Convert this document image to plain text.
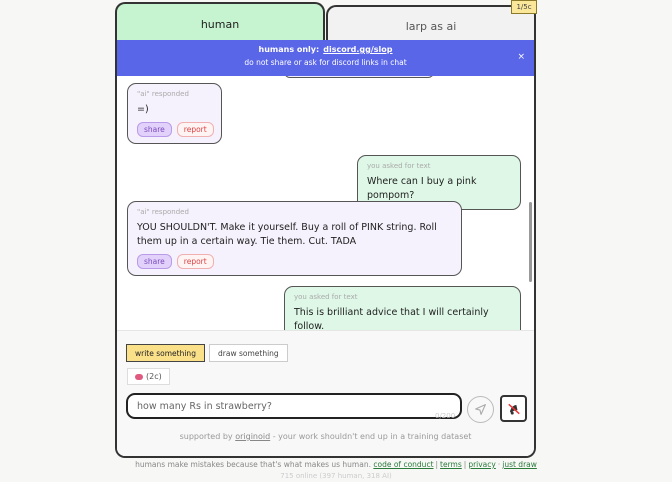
larp as ai
human
1/5c
humans only: discord.gg/slop
do not share or ask for discord links in chat
×
"ai" responded
=)
share	report
you asked for text
Where can I buy a pink pompom?
"ai" responded
YOU SHOULDN'T. Make it yourself. Buy a roll of PINK string. Roll them up in a certain way. Tie them. Cut. TADA
share	report
you asked for text
This is brilliant advice that I will certainly follow.
write something	draw something
(2c)
how many Rs in strawberry?
0/200
supported by originoid - your work shouldn't end up in a training dataset
humans make mistakes because that's what makes us human. code of conduct | terms | privacy · just draw
715 online (397 human, 318 AI)
